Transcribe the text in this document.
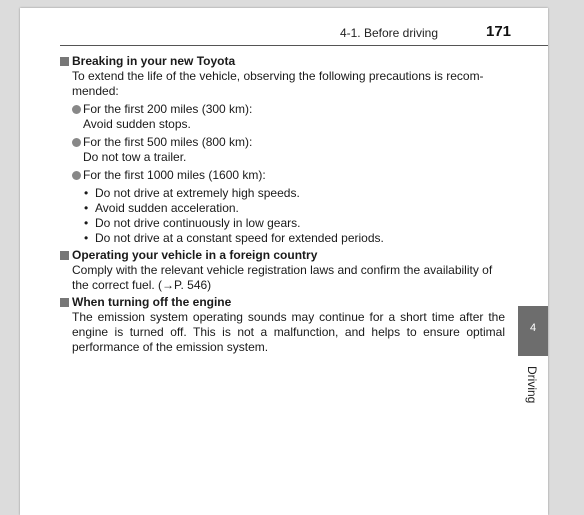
4-1. Before driving	171
Breaking in your new Toyota
To extend the life of the vehicle, observing the following precautions is recom-
mended:
For the first 200 miles (300 km):
Avoid sudden stops.
For the first 500 miles (800 km):
Do not tow a trailer.
For the first 1000 miles (1600 km):
• Do not drive at extremely high speeds.
• Avoid sudden acceleration.
• Do not drive continuously in low gears.
• Do not drive at a constant speed for extended periods.
Operating your vehicle in a foreign country
Comply with the relevant vehicle registration laws and confirm the availability of the correct fuel. (→P. 546)
When turning off the engine
The emission system operating sounds may continue for a short time after the engine is turned off. This is not a malfunction, and helps to ensure optimal performance of the emission system.
4
Driving
